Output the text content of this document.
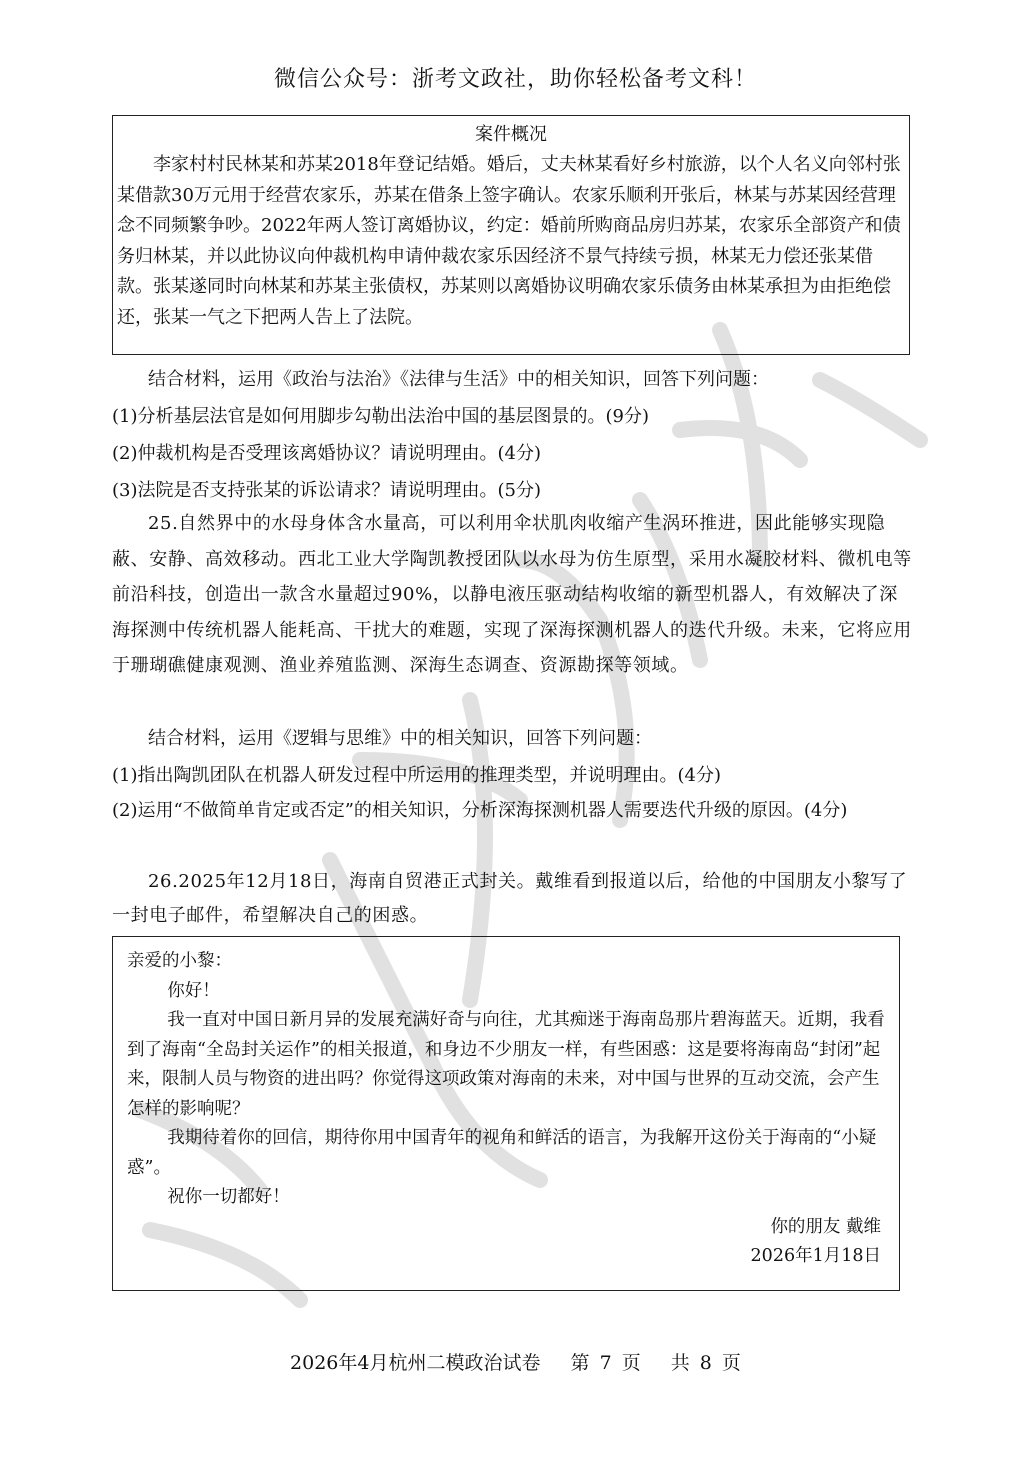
微信公众号：浙考文政社，助你轻松备考文科！
案件概况

李家村村民林某和苏某2018年登记结婚。婚后，丈夫林某看好乡村旅游，以个人名义向邻村张某借款30万元用于经营农家乐，苏某在借条上签字确认。农家乐顺利开张后，林某与苏某因经营理念不同频繁争吵。2022年两人签订离婚协议，约定：婚前所购商品房归苏某，农家乐全部资产和债务归林某，并以此协议向仲裁机构申请仲裁农家乐因经济不景气持续亏损，林某无力偿还张某借款。张某遂同时向林某和苏某主张债权，苏某则以离婚协议明确农家乐债务由林某承担为由拒绝偿还，张某一气之下把两人告上了法院。

结合材料，运用《政治与法治》《法律与生活》中的相关知识，回答下列问题：

(1)分析基层法官是如何用脚步勾勒出法治中国的基层图景的。(9分)

(2)仲裁机构是否受理该离婚协议？请说明理由。(4分)

(3)法院是否支持张某的诉讼请求？请说明理由。(5分)

25.自然界中的水母身体含水量高，可以利用伞状肌肉收缩产生涡环推进，因此能够实现隐蔽、安静、高效移动。西北工业大学陶凯教授团队以水母为仿生原型，采用水凝胶材料、微机电等前沿科技，创造出一款含水量超过90%，以静电液压驱动结构收缩的新型机器人，有效解决了深海探测中传统机器人能耗高、干扰大的难题，实现了深海探测机器人的迭代升级。未来，它将应用于珊瑚礁健康观测、渔业养殖监测、深海生态调查、资源勘探等领域。

结合材料，运用《逻辑与思维》中的相关知识，回答下列问题：

(1)指出陶凯团队在机器人研发过程中所运用的推理类型，并说明理由。(4分)

(2)运用“不做简单肯定或否定”的相关知识，分析深海探测机器人需要迭代升级的原因。(4分)

26.2025年12月18日，海南自贸港正式封关。戴维看到报道以后，给他的中国朋友小黎写了一封电子邮件，希望解决自己的困惑。

亲爱的小黎：

你好！

我一直对中国日新月异的发展充满好奇与向往，尤其痴迷于海南岛那片碧海蓝天。近期，我看到了海南“全岛封关运作”的相关报道，和身边不少朋友一样，有些困惑：这是要将海南岛“封闭”起来，限制人员与物资的进出吗？你觉得这项政策对海南的未来，对中国与世界的互动交流，会产生怎样的影响呢？

我期待着你的回信，期待你用中国青年的视角和鲜活的语言，为我解开这份关于海南的“小疑惑”。

祝你一切都好！

你的朋友 戴维

2026年1月18日

2026年4月杭州二模政治试卷 第 7 页 共 8 页
